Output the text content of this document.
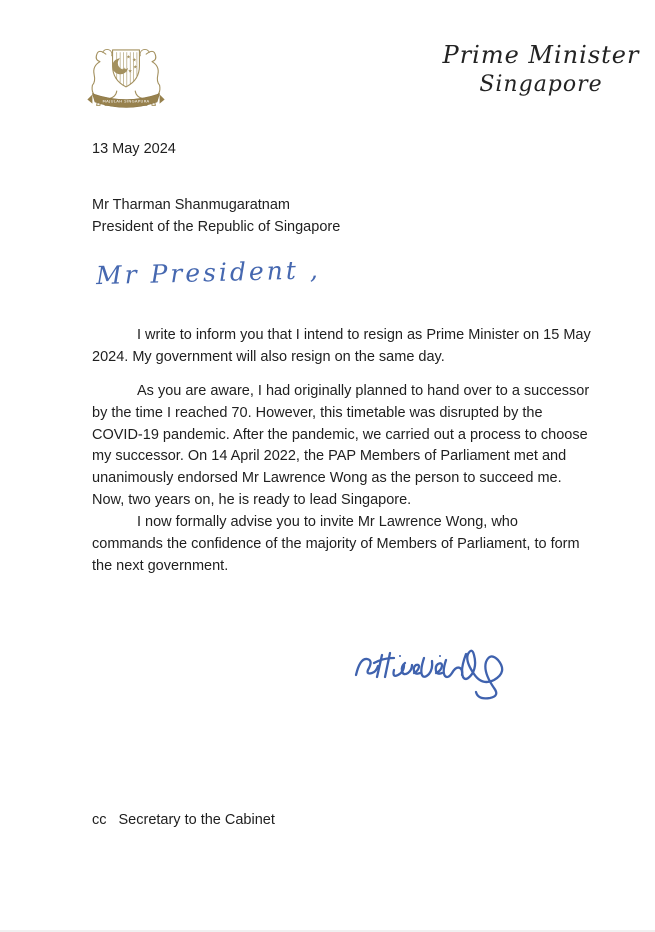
★
★
★
★
★
MAJULAH SINGAPURA
Prime Minister
Singapore
13 May 2024
Mr Tharman Shanmugaratnam
President of the Republic of Singapore
Mr President ,

I write to inform you that I intend to resign as Prime Minister on 15 May 2024. My government will also resign on the same day.

As you are aware, I had originally planned to hand over to a successor by the time I reached 70. However, this timetable was disrupted by the COVID-19 pandemic. After the pandemic, we carried out a process to choose my successor. On 14 April 2022, the PAP Members of Parliament met and unanimously endorsed Mr Lawrence Wong as the person to succeed me. Now, two years on, he is ready to lead Singapore.

I now formally advise you to invite Mr Lawrence Wong, who commands the confidence of the majority of Members of Parliament, to form the next government.

cc Secretary to the Cabinet
